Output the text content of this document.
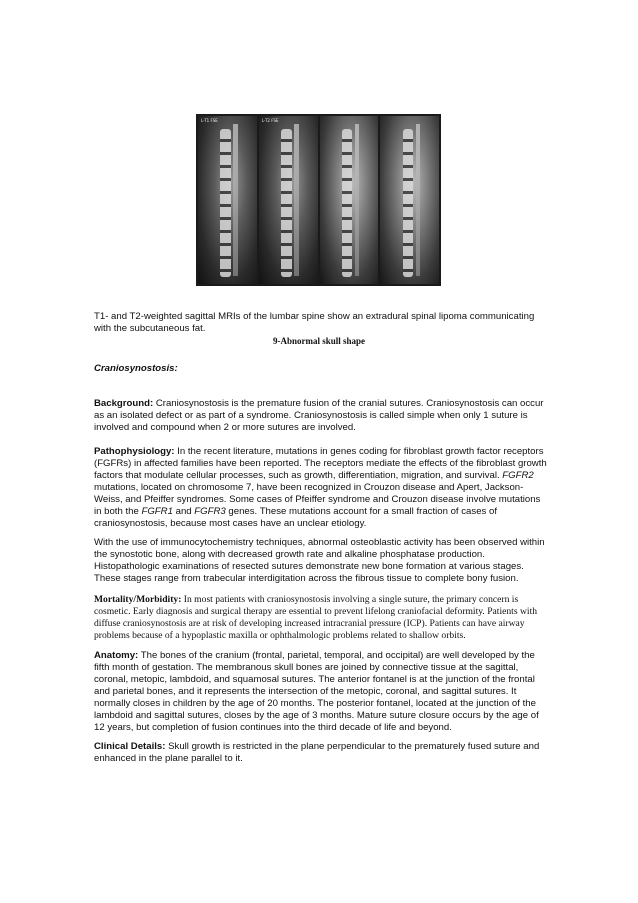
L-T1 FSE	L-T2 FSE
T1- and T2-weighted sagittal MRIs of the lumbar spine show an extradural spinal lipoma communicating with the subcutaneous fat.
9-Abnormal skull shape
Craniosynostosis:

Background: Craniosynostosis is the premature fusion of the cranial sutures. Craniosynostosis can occur as an isolated defect or as part of a syndrome. Craniosynostosis is called simple when only 1 suture is involved and compound when 2 or more sutures are involved.

Pathophysiology: In the recent literature, mutations in genes coding for fibroblast growth factor receptors (FGFRs) in affected families have been reported. The receptors mediate the effects of the fibroblast growth factors that modulate cellular processes, such as growth, differentiation, migration, and survival. FGFR2 mutations, located on chromosome 7, have been recognized in Crouzon disease and Apert, Jackson-Weiss, and Pfeiffer syndromes. Some cases of Pfeiffer syndrome and Crouzon disease involve mutations in both the FGFR1 and FGFR3 genes. These mutations account for a small fraction of cases of craniosynostosis, because most cases have an unclear etiology.

With the use of immunocytochemistry techniques, abnormal osteoblastic activity has been observed within the synostotic bone, along with decreased growth rate and alkaline phosphatase production. Histopathologic examinations of resected sutures demonstrate new bone formation at various stages. These stages range from trabecular interdigitation across the fibrous tissue to complete bony fusion.

Mortality/Morbidity: In most patients with craniosynostosis involving a single suture, the primary concern is cosmetic. Early diagnosis and surgical therapy are essential to prevent lifelong craniofacial deformity. Patients with diffuse craniosynostosis are at risk of developing increased intracranial pressure (ICP). Patients can have airway problems because of a hypoplastic maxilla or ophthalmologic problems related to shallow orbits.

Anatomy: The bones of the cranium (frontal, parietal, temporal, and occipital) are well developed by the fifth month of gestation. The membranous skull bones are joined by connective tissue at the sagittal, coronal, metopic, lambdoid, and squamosal sutures. The anterior fontanel is at the junction of the frontal and parietal bones, and it represents the intersection of the metopic, coronal, and sagittal sutures. It normally closes in children by the age of 20 months. The posterior fontanel, located at the junction of the lambdoid and sagittal sutures, closes by the age of 3 months. Mature suture closure occurs by the age of 12 years, but completion of fusion continues into the third decade of life and beyond.

Clinical Details: Skull growth is restricted in the plane perpendicular to the prematurely fused suture and enhanced in the plane parallel to it.
